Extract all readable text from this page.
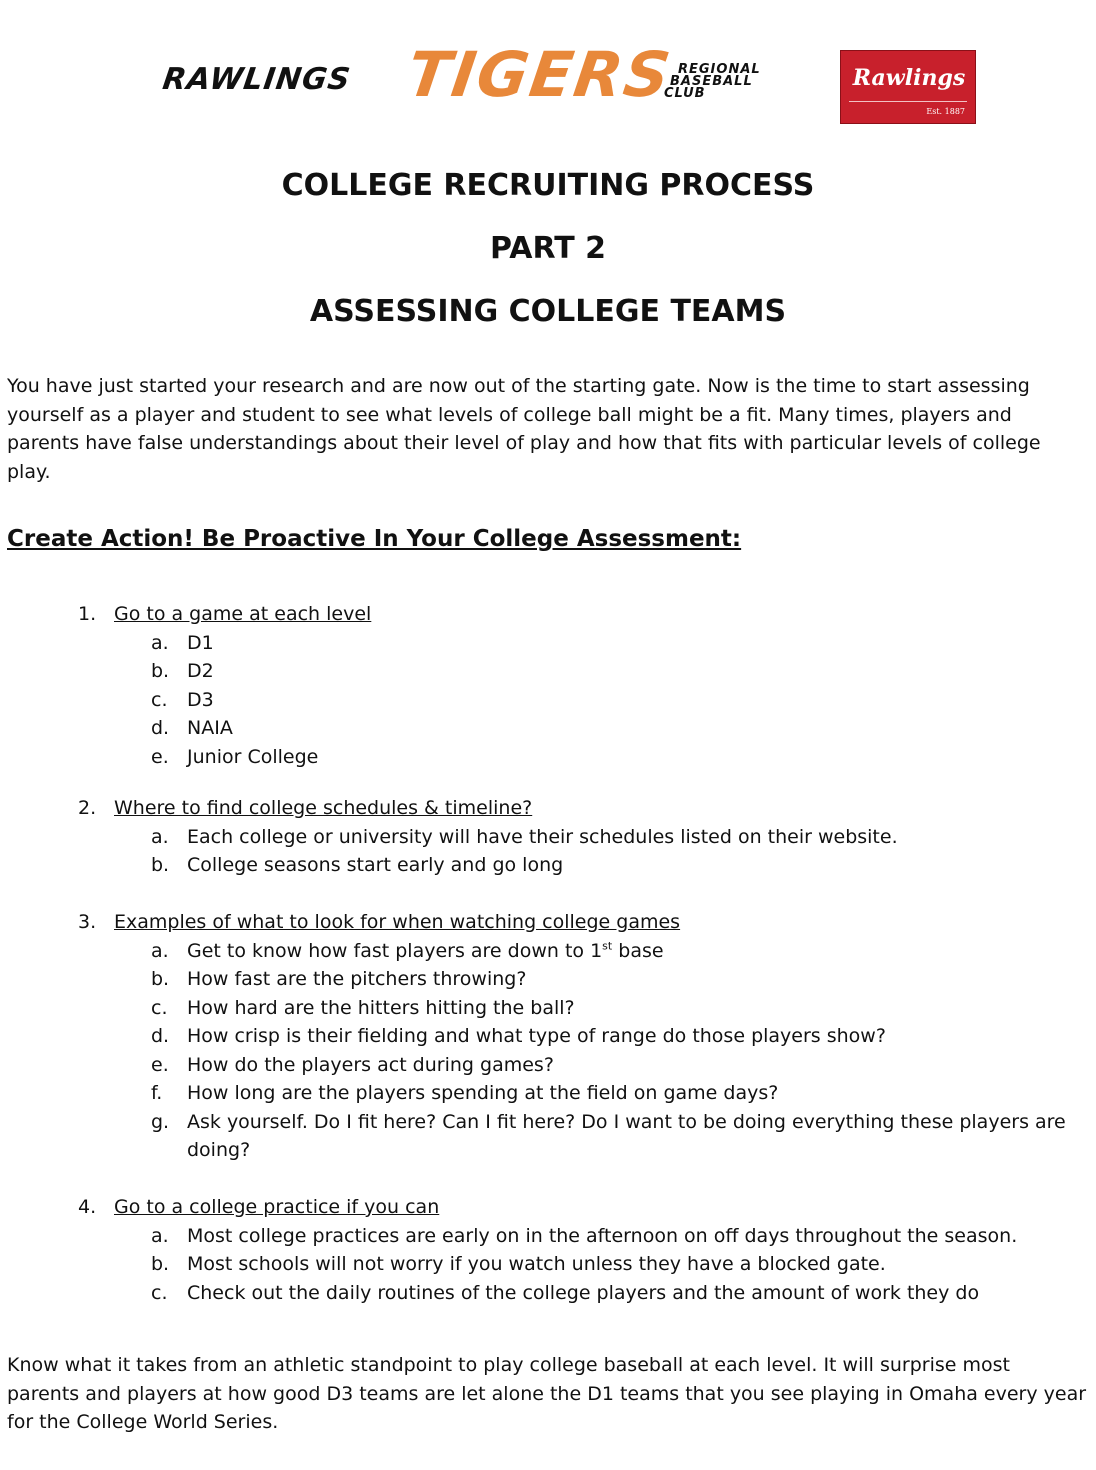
RAWLINGS TIGERS REGIONAL
BASEBALL
CLUB
Rawlings
Est. 1887
COLLEGE RECRUITING PROCESS
PART 2
ASSESSING COLLEGE TEAMS

You have just started your research and are now out of the starting gate. Now is the time to start assessing yourself as a player and student to see what levels of college ball might be a fit. Many times, players and parents have false understandings about their level of play and how that fits with particular levels of college play.

Create Action! Be Proactive In Your College Assessment:
1. Go to a game at each level
a. D1
b. D2
c. D3
d. NAIA
e. Junior College
2. Where to find college schedules & timeline?
a. Each college or university will have their schedules listed on their website.
b. College seasons start early and go long
3. Examples of what to look for when watching college games
a. Get to know how fast players are down to 1st base
b. How fast are the pitchers throwing?
c. How hard are the hitters hitting the ball?
d. How crisp is their fielding and what type of range do those players show?
e. How do the players act during games?
f. How long are the players spending at the field on game days?
g. Ask yourself. Do I fit here? Can I fit here? Do I want to be doing everything these players are doing?
4. Go to a college practice if you can
a. Most college practices are early on in the afternoon on off days throughout the season.
b. Most schools will not worry if you watch unless they have a blocked gate.
c. Check out the daily routines of the college players and the amount of work they do

Know what it takes from an athletic standpoint to play college baseball at each level. It will surprise most parents and players at how good D3 teams are let alone the D1 teams that you see playing in Omaha every year for the College World Series.
